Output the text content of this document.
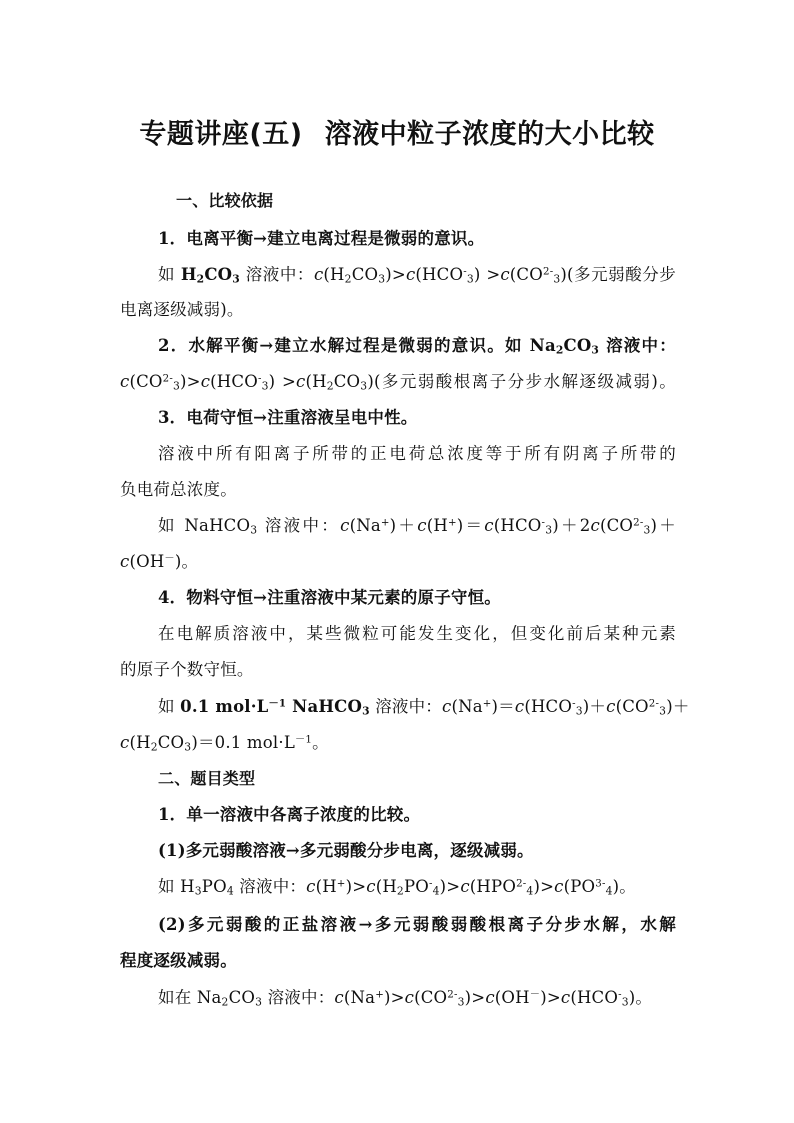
专题讲座(五) 溶液中粒子浓度的大小比较
一、比较依据
1．电离平衡→建立电离过程是微弱的意识。
如 $H_2CO_3$ 溶液中：$c(H_2CO_3)>c(HCO^-_3) >c(CO^{2-}_3)$(多元弱酸分步
电离逐级减弱)。
2．水解平衡→建立水解过程是微弱的意识。如 $Na_2CO_3$ 溶液中：
$c(CO^{2-}_3)>c(HCO^-_3) >c(H_2CO_3)$(多元弱酸根离子分步水解逐级减弱)。
3．电荷守恒→注重溶液呈电中性。
溶液中所有阳离子所带的正电荷总浓度等于所有阴离子所带的
负电荷总浓度。
如 NaHCO$_3$ 溶液中：$c(Na^+)+c(H^+)=c(HCO^-_3)+2c(CO^{2-}_3)+$
c(OH－)。
4．物料守恒→注重溶液中某元素的原子守恒。
在电解质溶液中，某些微粒可能发生变化，但变化前后某种元素
的原子个数守恒。
如 0.1 $mol\cdot L^{-1}$ NaHCO$_3$ 溶液中：$c(Na^+)=c(HCO^-_3)+c(CO^{2-}_3)+$
$c(H_2CO_3)=0.1$ $mol\cdot L^{-1}$。
二、题目类型
1．单一溶液中各离子浓度的比较。
(1)多元弱酸溶液→多元弱酸分步电离，逐级减弱。
如 $H_3PO_4$ 溶液中：$c(H^+)>c(H_2PO^-_4)>c(HPO^{2-}_4)>c(PO^{3-}_4)$。
(2)多元弱酸的正盐溶液→多元弱酸弱酸根离子分步水解，水解
程度逐级减弱。
如在 $Na_2CO_3$ 溶液中：$c(Na^+)>c(CO^{2-}_3)>c(OH^-)>c(HCO^-_3)$。
